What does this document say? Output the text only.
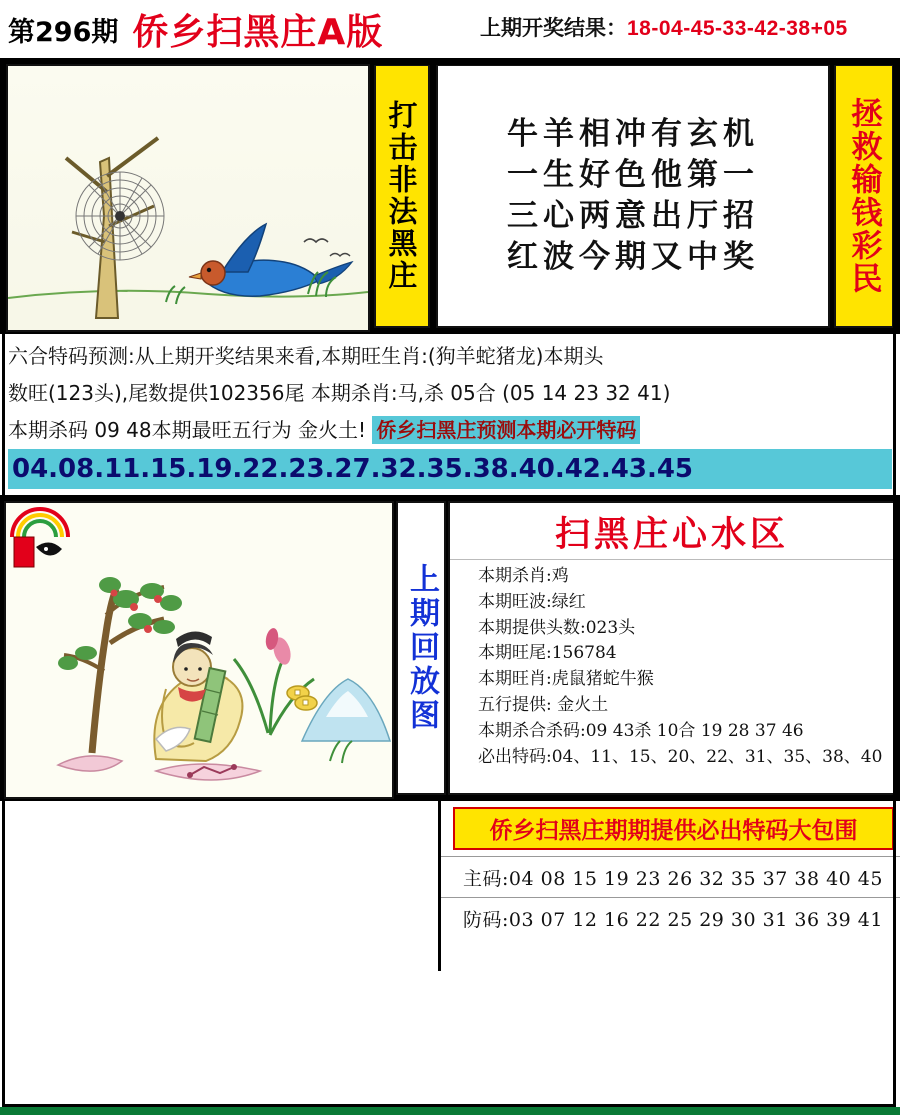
第296期 侨乡扫黑庄A版	上期开奖结果：18-04-45-33-42-38+05
打击非法黑庄	牛羊相冲有玄机
一生好色他第一
三心两意出厅招
红波今期又中奖	拯救输钱彩民

六合特码预测:从上期开奖结果来看,本期旺生肖:(狗羊蛇猪龙)本期头

数旺(123头),尾数提供102356尾 本期杀肖:马,杀 05合 (05 14 23 32 41)

本期杀码 09 48本期最旺五行为 金火土! 侨乡扫黑庄预测本期必开特码

04.08.11.15.19.22.23.27.32.35.38.40.42.43.45
上期回放图
扫黑庄心水区
本期杀肖:鸡
本期旺波:绿红
本期提供头数:023头
本期旺尾:156784
本期旺肖:虎鼠猪蛇牛猴
五行提供: 金火土
本期杀合杀码:09 43杀 10合 19 28 37 46
必出特码:04、11、15、20、22、31、35、38、40
侨乡扫黑庄期期提供必出特码大包围
主码:04 08 15 19 23 26 32 35 37 38 40 45
防码:03 07 12 16 22 25 29 30 31 36 39 41
